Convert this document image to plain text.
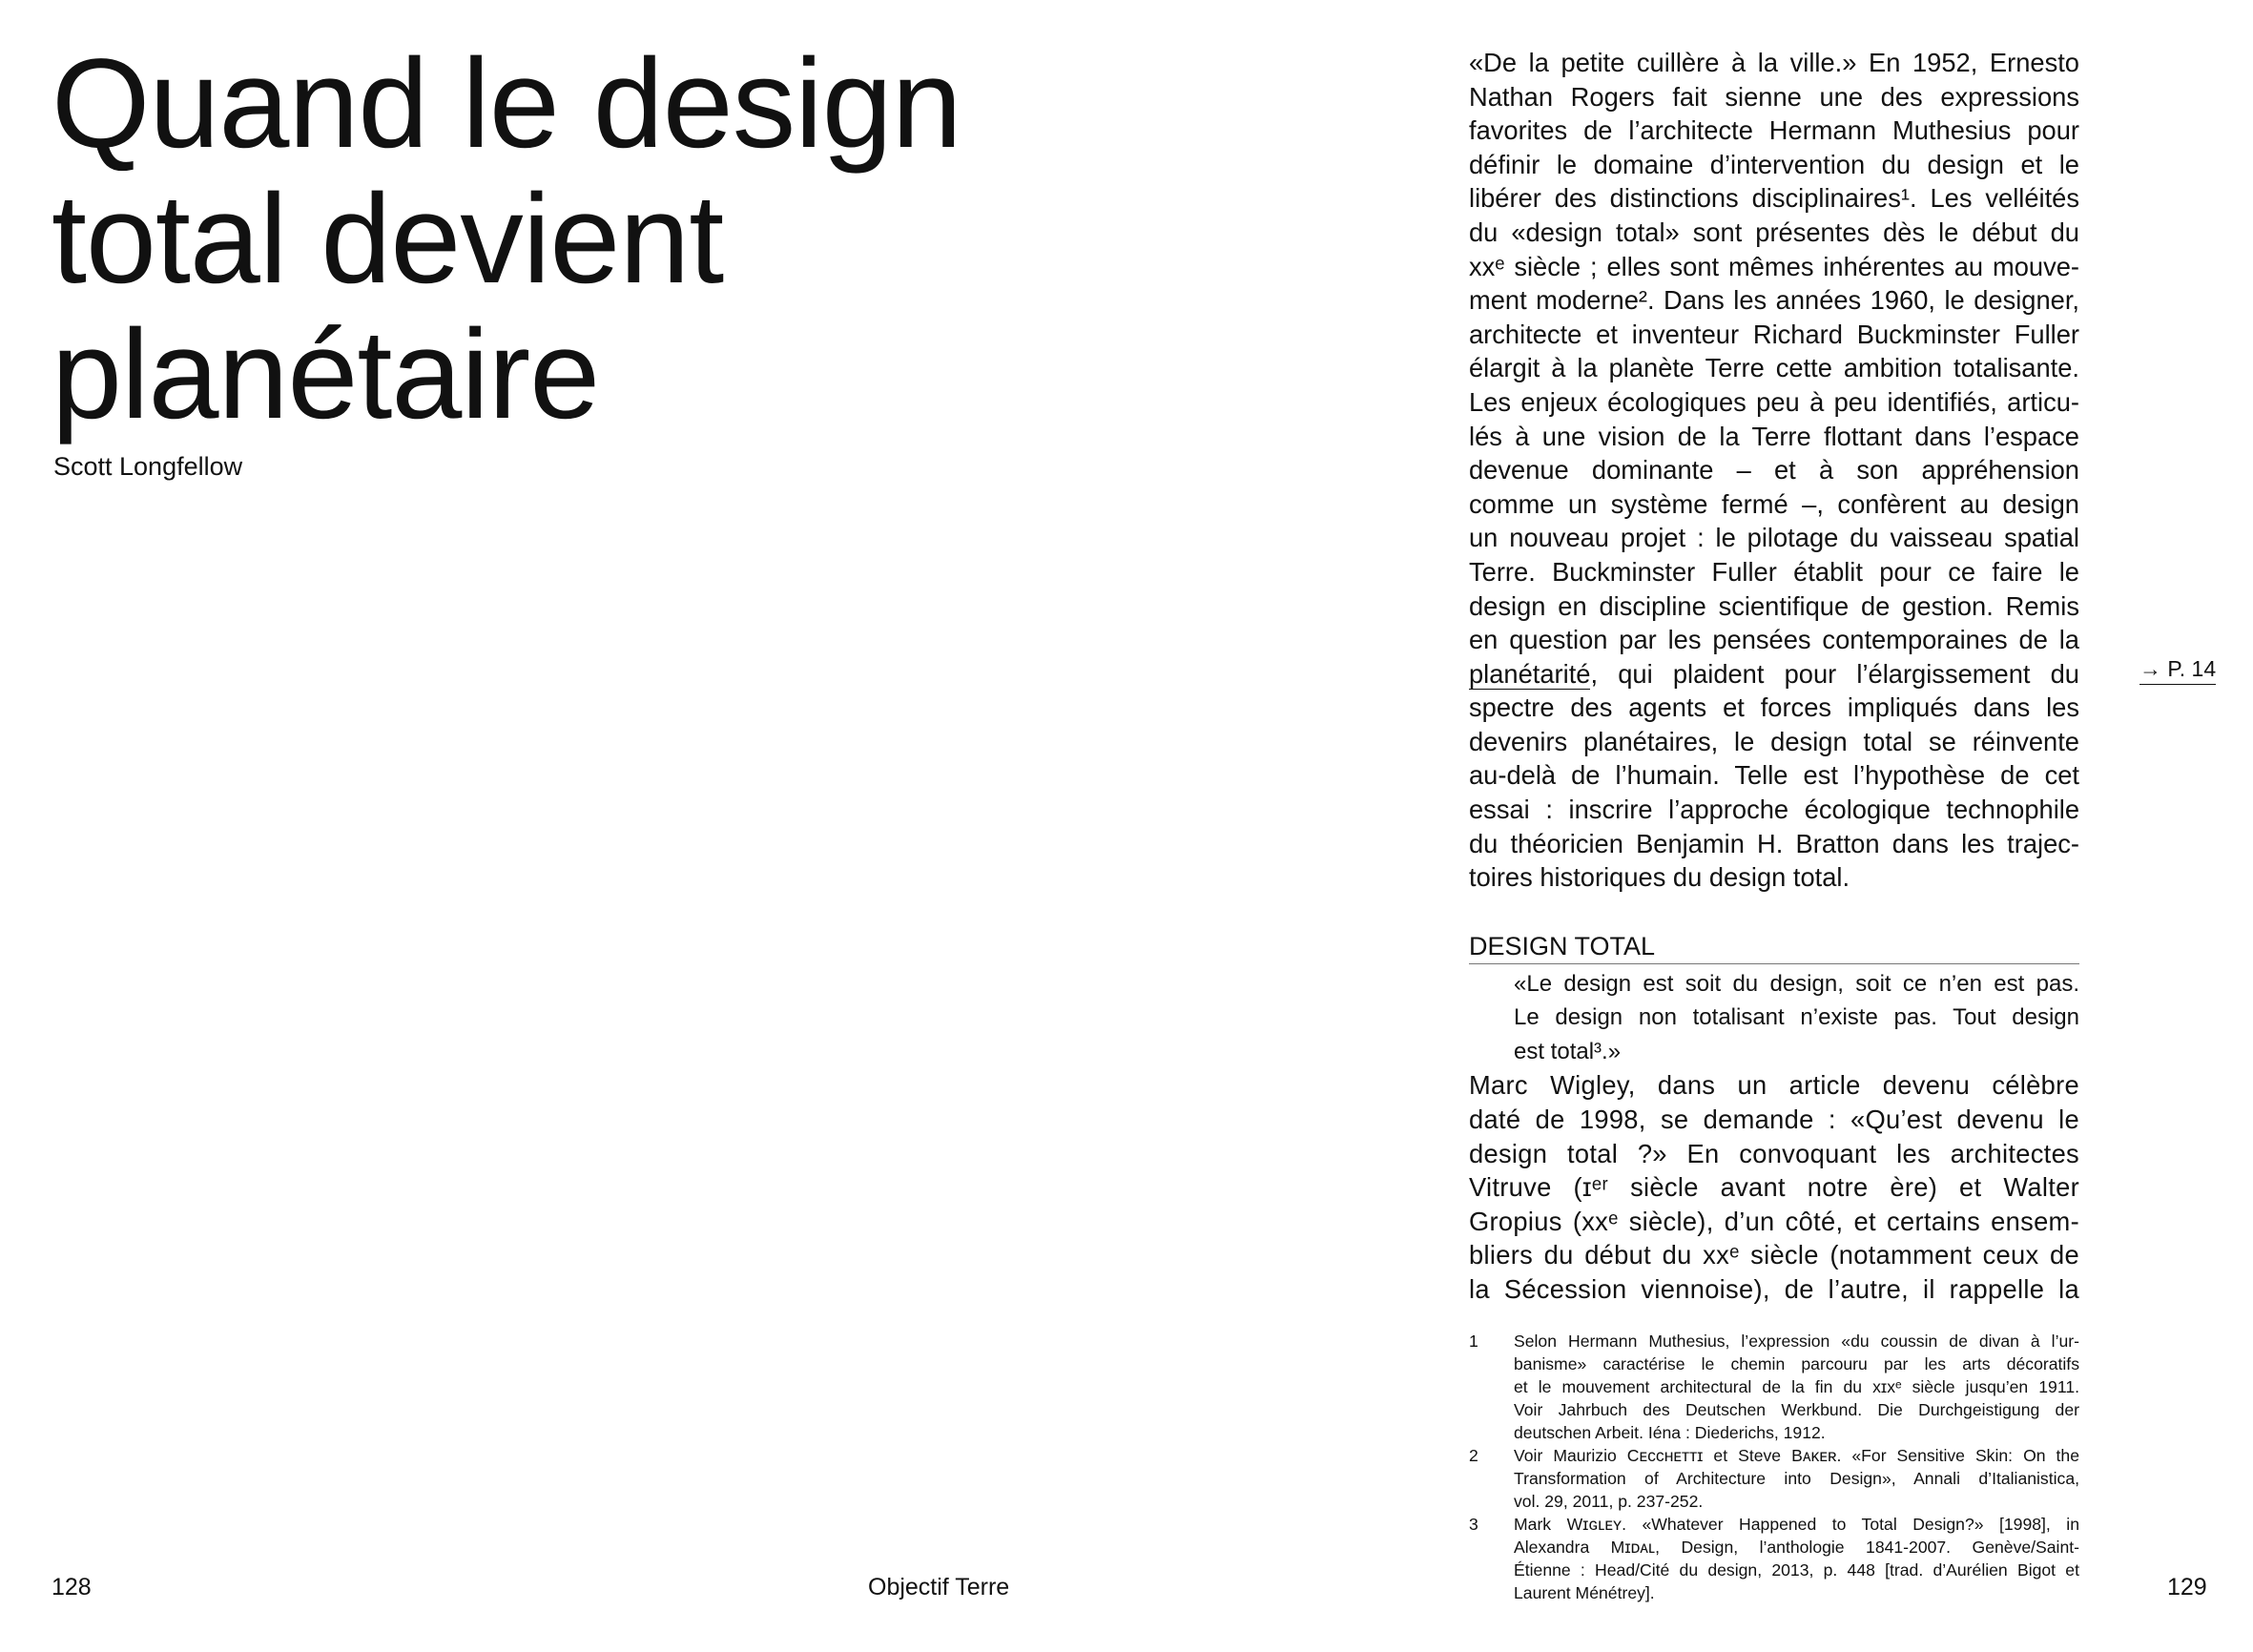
Quand le design
total devient
planétaire
Scott Longfellow
«De la petite cuillère à la ville.» En 1952, Ernesto
Nathan Rogers fait sienne une des expressions
favorites de l’architecte Hermann Muthesius pour
définir le domaine d’intervention du design et le
libérer des distinctions disciplinaires¹. Les velléités
du «design total» sont présentes dès le début du
xxᵉ siècle ; elles sont mêmes inhérentes au mouve-
ment moderne². Dans les années 1960, le designer,
architecte et inventeur Richard Buckminster Fuller
élargit à la planète Terre cette ambition totalisante.
Les enjeux écologiques peu à peu identifiés, articu-
lés à une vision de la Terre flottant dans l’espace
devenue dominante – et à son appréhension
comme un système fermé –, confèrent au design
un nouveau projet : le pilotage du vaisseau spatial
Terre. Buckminster Fuller établit pour ce faire le
design en discipline scientifique de gestion. Remis
en question par les pensées contemporaines de la
planétarité, qui plaident pour l’élargissement du
spectre des agents et forces impliqués dans les
devenirs planétaires, le design total se réinvente
au-delà de l’humain. Telle est l’hypothèse de cet
essai : inscrire l’approche écologique technophile
du théoricien Benjamin H. Bratton dans les trajec-
toires historiques du design total.
DESIGN TOTAL
«Le design est soit du design, soit ce n’en est pas.
Le design non totalisant n’existe pas. Tout design
est total³.»
Marc Wigley, dans un article devenu célèbre
daté de 1998, se demande : «Qu’est devenu le
design total ?» En convoquant les architectes
Vitruve (ɪᵉʳ siècle avant notre ère) et Walter
Gropius (xxᵉ siècle), d’un côté, et certains ensem-
bliers du début du xxᵉ siècle (notamment ceux de
la Sécession viennoise), de l’autre, il rappelle la
1	Selon Hermann Muthesius, l’expression «du coussin de divan à l’ur-
banisme» caractérise le chemin parcouru par les arts décoratifs
et le mouvement architectural de la fin du xɪxᵉ siècle jusqu’en 1911.
Voir Jahrbuch des Deutschen Werkbund. Die Durchgeistigung der
deutschen Arbeit. Iéna : Diederichs, 1912.
2	Voir Maurizio Cᴇᴄᴄʜᴇᴛᴛɪ et Steve Bᴀᴋᴇʀ. «For Sensitive Skin: On the
Transformation of Architecture into Design», Annali d’Italianistica,
vol. 29, 2011, p. 237-252.
3	Mark Wɪɢʟᴇʏ. «Whatever Happened to Total Design?» [1998], in
Alexandra Mɪᴅᴀʟ, Design, l’anthologie 1841-2007. Genève/Saint-
Étienne : Head/Cité du design, 2013, p. 448 [trad. d’Aurélien Bigot et
Laurent Ménétrey].
→ P. 14
128	Objectif Terre	129
